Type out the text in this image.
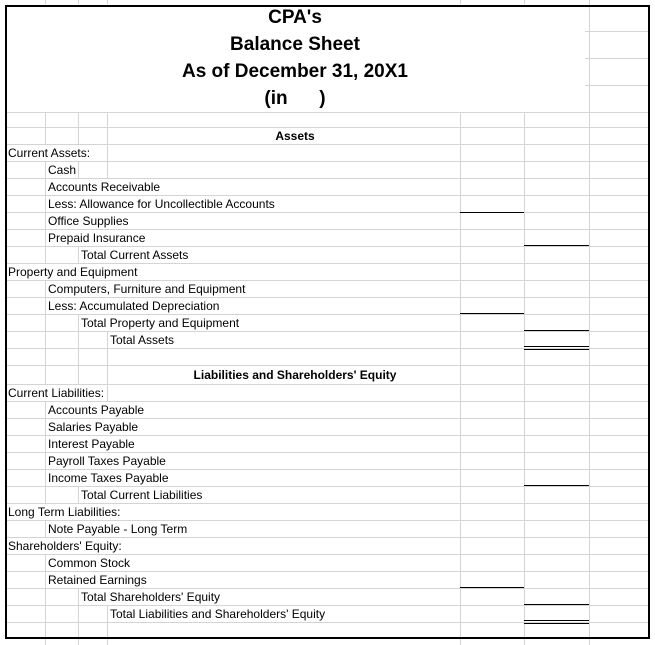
CPA's
Balance Sheet
As of December 31, 20X1
(in      )
Assets
Liabilities and Shareholders' Equity
Current Assets:
Cash
Accounts Receivable
Less: Allowance for Uncollectible Accounts
Office Supplies
Prepaid Insurance
Total Current Assets
Property and Equipment
Computers, Furniture and Equipment
Less: Accumulated Depreciation
Total Property and Equipment
Total Assets
Current Liabilities:
Accounts Payable
Salaries Payable
Interest Payable
Payroll Taxes Payable
Income Taxes Payable
Total Current Liabilities
Long Term Liabilities:
Note Payable - Long Term
Shareholders' Equity:
Common Stock
Retained Earnings
Total Shareholders' Equity
Total Liabilities and Shareholders' Equity
